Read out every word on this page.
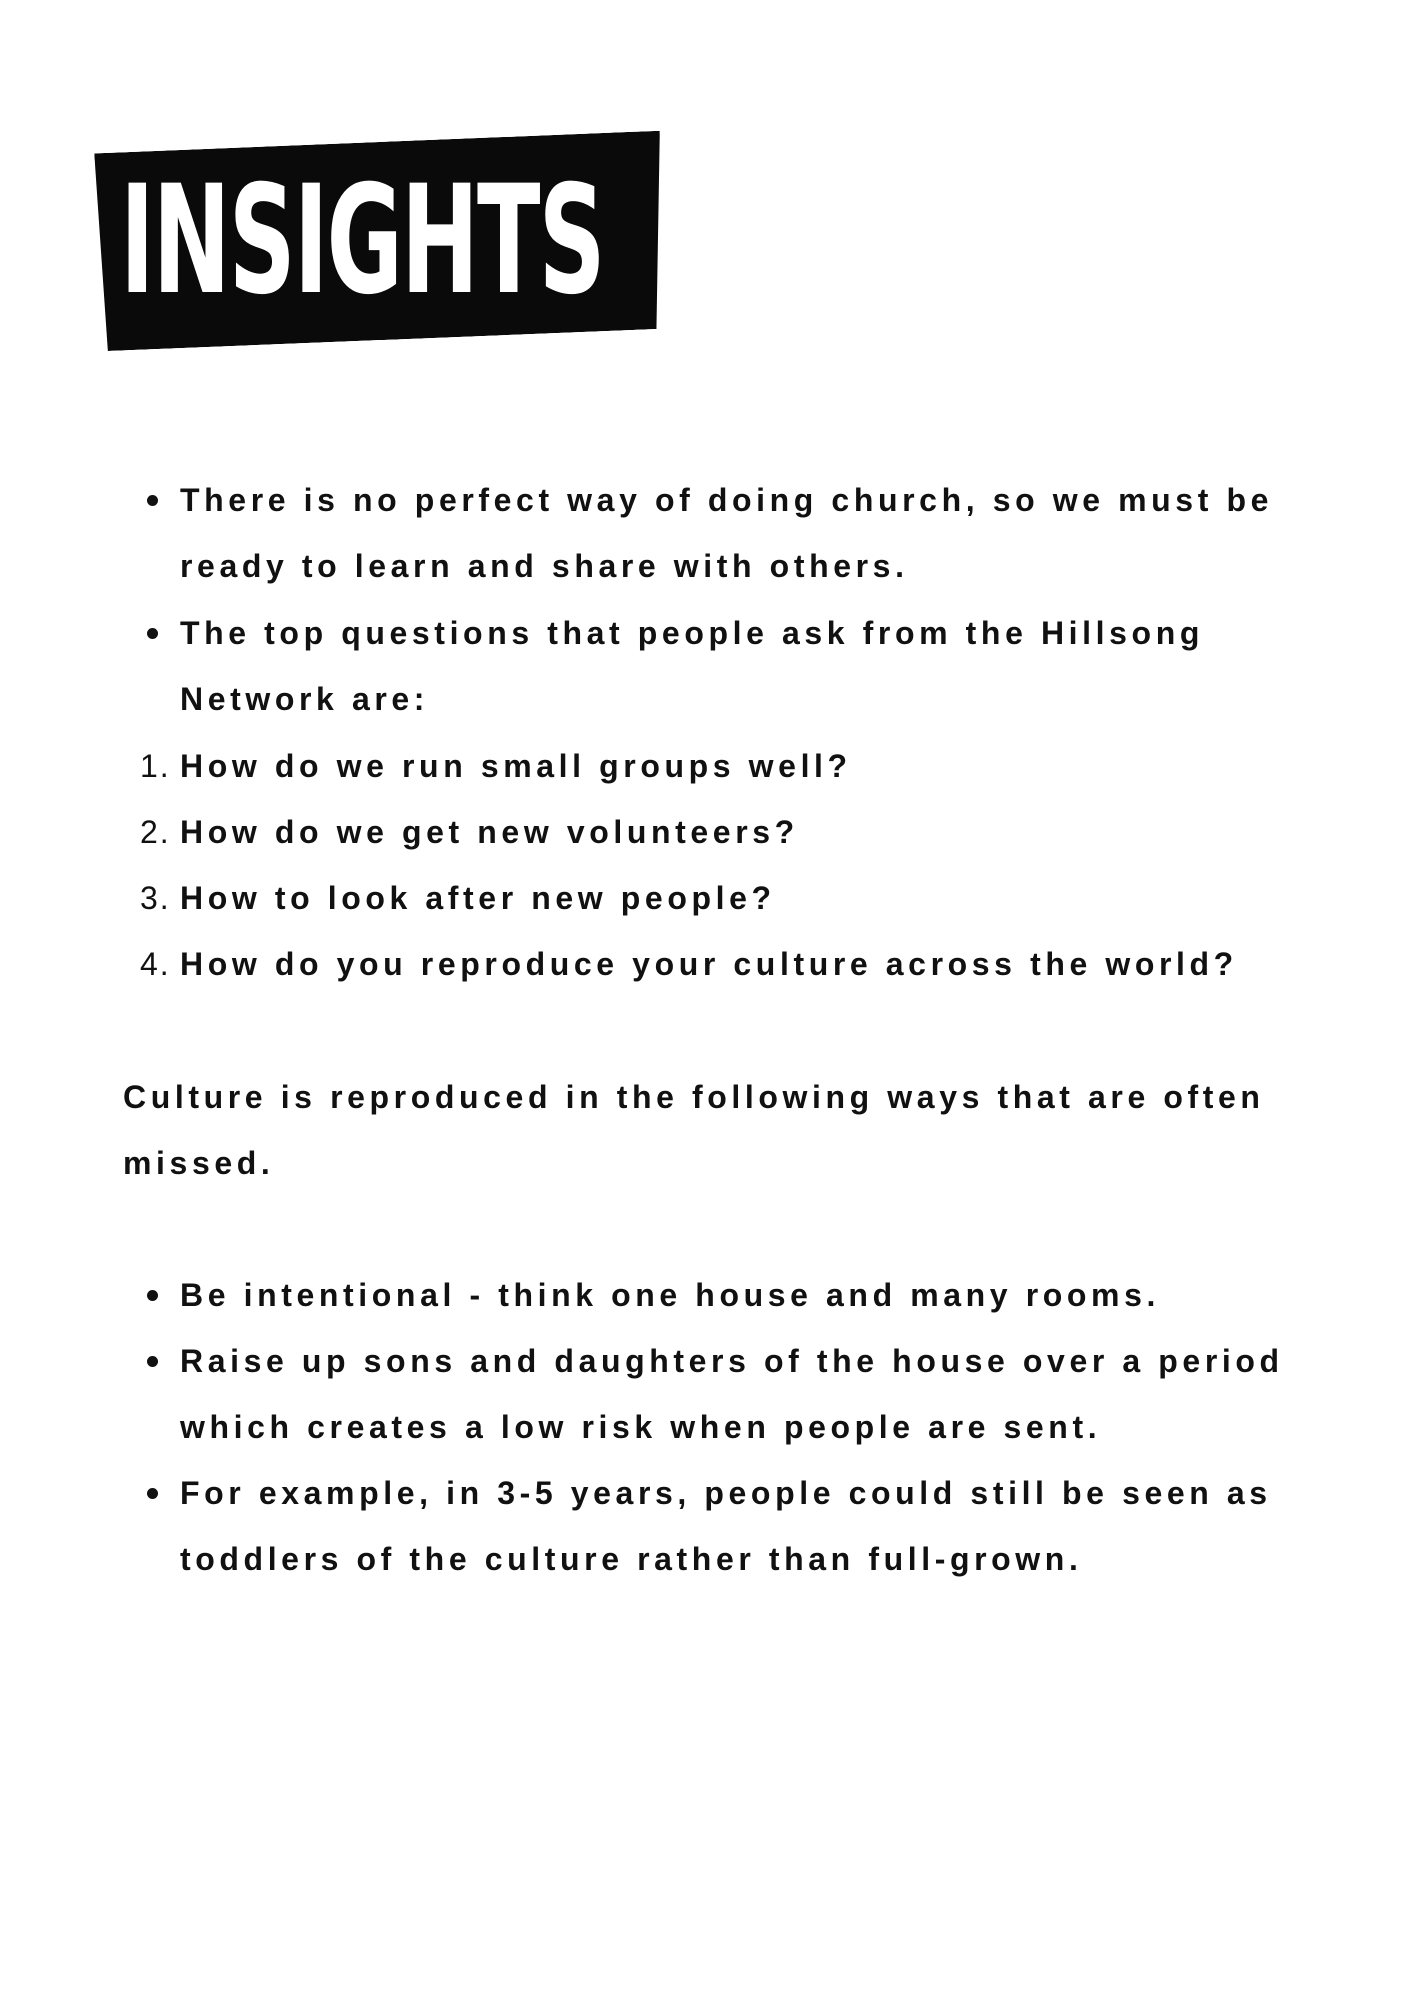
INSIGHTS
There is no perfect way of doing church, so we must be
ready to learn and share with others.
The top questions that people ask from the Hillsong
Network are:
1. How do we run small groups well?
2. How do we get new volunteers?
3. How to look after new people?
4. How do you reproduce your culture across the world?
Culture is reproduced in the following ways that are often
missed.
Be intentional - think one house and many rooms.
Raise up sons and daughters of the house over a period
which creates a low risk when people are sent.
For example, in 3-5 years, people could still be seen as
toddlers of the culture rather than full-grown.
